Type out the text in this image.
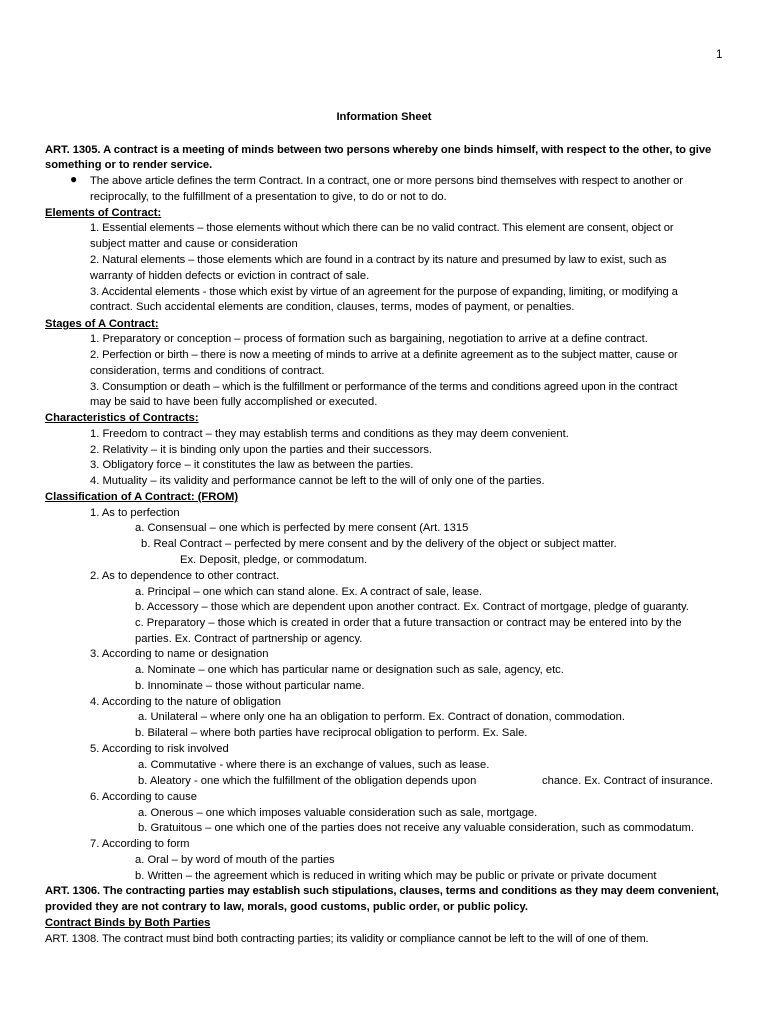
1
Information Sheet
ART. 1305. A contract is a meeting of minds between two persons whereby one binds himself, with respect to the other, to give
something or to render service.
● The above article defines the term Contract. In a contract, one or more persons bind themselves with respect to another or
reciprocally, to the fulfillment of a presentation to give, to do or not to do.
Elements of Contract:
1. Essential elements – those elements without which there can be no valid contract. This element are consent, object or
subject matter and cause or consideration
2. Natural elements – those elements which are found in a contract by its nature and presumed by law to exist, such as
warranty of hidden defects or eviction in contract of sale.
3. Accidental elements - those which exist by virtue of an agreement for the purpose of expanding, limiting, or modifying a
contract. Such accidental elements are condition, clauses, terms, modes of payment, or penalties.
Stages of A Contract:
1. Preparatory or conception – process of formation such as bargaining, negotiation to arrive at a define contract.
2. Perfection or birth – there is now a meeting of minds to arrive at a definite agreement as to the subject matter, cause or
consideration, terms and conditions of contract.
3. Consumption or death – which is the fulfillment or performance of the terms and conditions agreed upon in the contract
may be said to have been fully accomplished or executed.
Characteristics of Contracts:
1. Freedom to contract – they may establish terms and conditions as they may deem convenient.
2. Relativity – it is binding only upon the parties and their successors.
3. Obligatory force – it constitutes the law as between the parties.
4. Mutuality – its validity and performance cannot be left to the will of only one of the parties.
Classification of A Contract: (FROM)
1. As to perfection
a. Consensual – one which is perfected by mere consent (Art. 1315
b. Real Contract – perfected by mere consent and by the delivery of the object or subject matter.
Ex. Deposit, pledge, or commodatum.
2. As to dependence to other contract.
a. Principal – one which can stand alone. Ex. A contract of sale, lease.
b. Accessory – those which are dependent upon another contract. Ex. Contract of mortgage, pledge of guaranty.
c. Preparatory – those which is created in order that a future transaction or contract may be entered into by the
parties. Ex. Contract of partnership or agency.
3. According to name or designation
a. Nominate – one which has particular name or designation such as sale, agency, etc.
b. Innominate – those without particular name.
4. According to the nature of obligation
a. Unilateral – where only one ha an obligation to perform. Ex. Contract of donation, commodation.
b. Bilateral – where both parties have reciprocal obligation to perform. Ex. Sale.
5. According to risk involved
a. Commutative - where there is an exchange of values, such as lease.
b. Aleatory - one which the fulfillment of the obligation depends upon	chance. Ex. Contract of insurance.
6. According to cause
a. Onerous – one which imposes valuable consideration such as sale, mortgage.
b. Gratuitous – one which one of the parties does not receive any valuable consideration, such as commodatum.
7. According to form
a. Oral – by word of mouth of the parties
b. Written – the agreement which is reduced in writing which may be public or private or private document
ART. 1306. The contracting parties may establish such stipulations, clauses, terms and conditions as they may deem convenient,
provided they are not contrary to law, morals, good customs, public order, or public policy.
Contract Binds by Both Parties
ART. 1308. The contract must bind both contracting parties; its validity or compliance cannot be left to the will of one of them.
